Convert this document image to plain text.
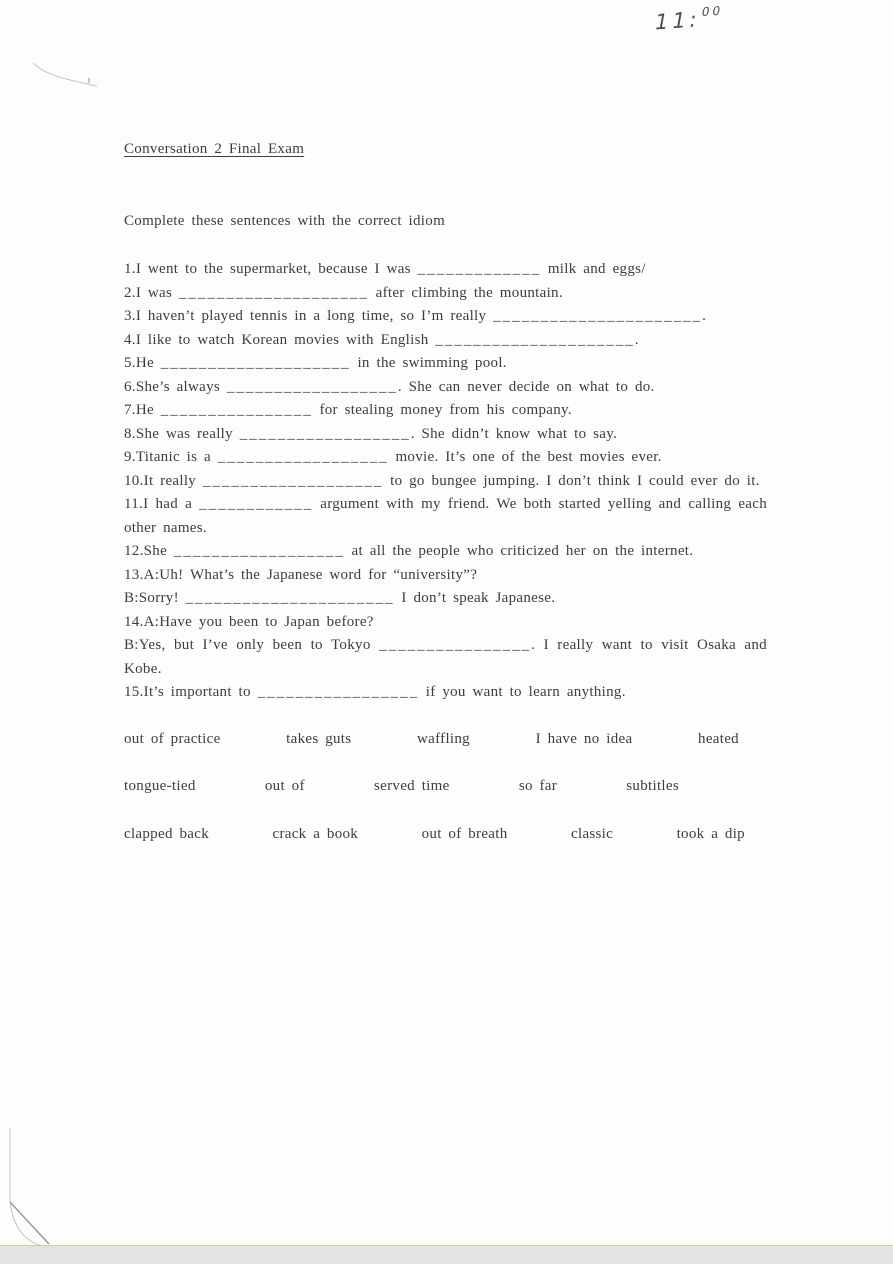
11:$^{00}$
Conversation 2 Final Exam

Complete these sentences with the correct idiom

1.I went to the supermarket, because I was _____________ milk and eggs/

2.I was ____________________ after climbing the mountain.

3.I haven’t played tennis in a long time, so I’m really ______________________.

4.I like to watch Korean movies with English _____________________.

5.He ____________________ in the swimming pool.

6.She’s always __________________. She can never decide on what to do.

7.He ________________ for stealing money from his company.

8.She was really __________________. She didn’t know what to say.

9.Titanic is a __________________ movie. It’s one of the best movies ever.

10.It really ___________________ to go bungee jumping. I don’t think I could ever do it.

11.I had a ____________ argument with my friend. We both started yelling and calling each other names.

12.She __________________ at all the people who criticized her on the internet.

13.A:Uh! What’s the Japanese word for “university”?

B:Sorry! ______________________ I don’t speak Japanese.

14.A:Have you been to Japan before?

B:Yes, but I’ve only been to Tokyo ________________. I really want to visit Osaka and Kobe.

15.It’s important to _________________ if you want to learn anything.

out of practice	takes guts	waffling	I have no idea	heated
tongue-tied	out of	served time	so far	subtitles
clapped back	crack a book	out of breath	classic	took a dip
